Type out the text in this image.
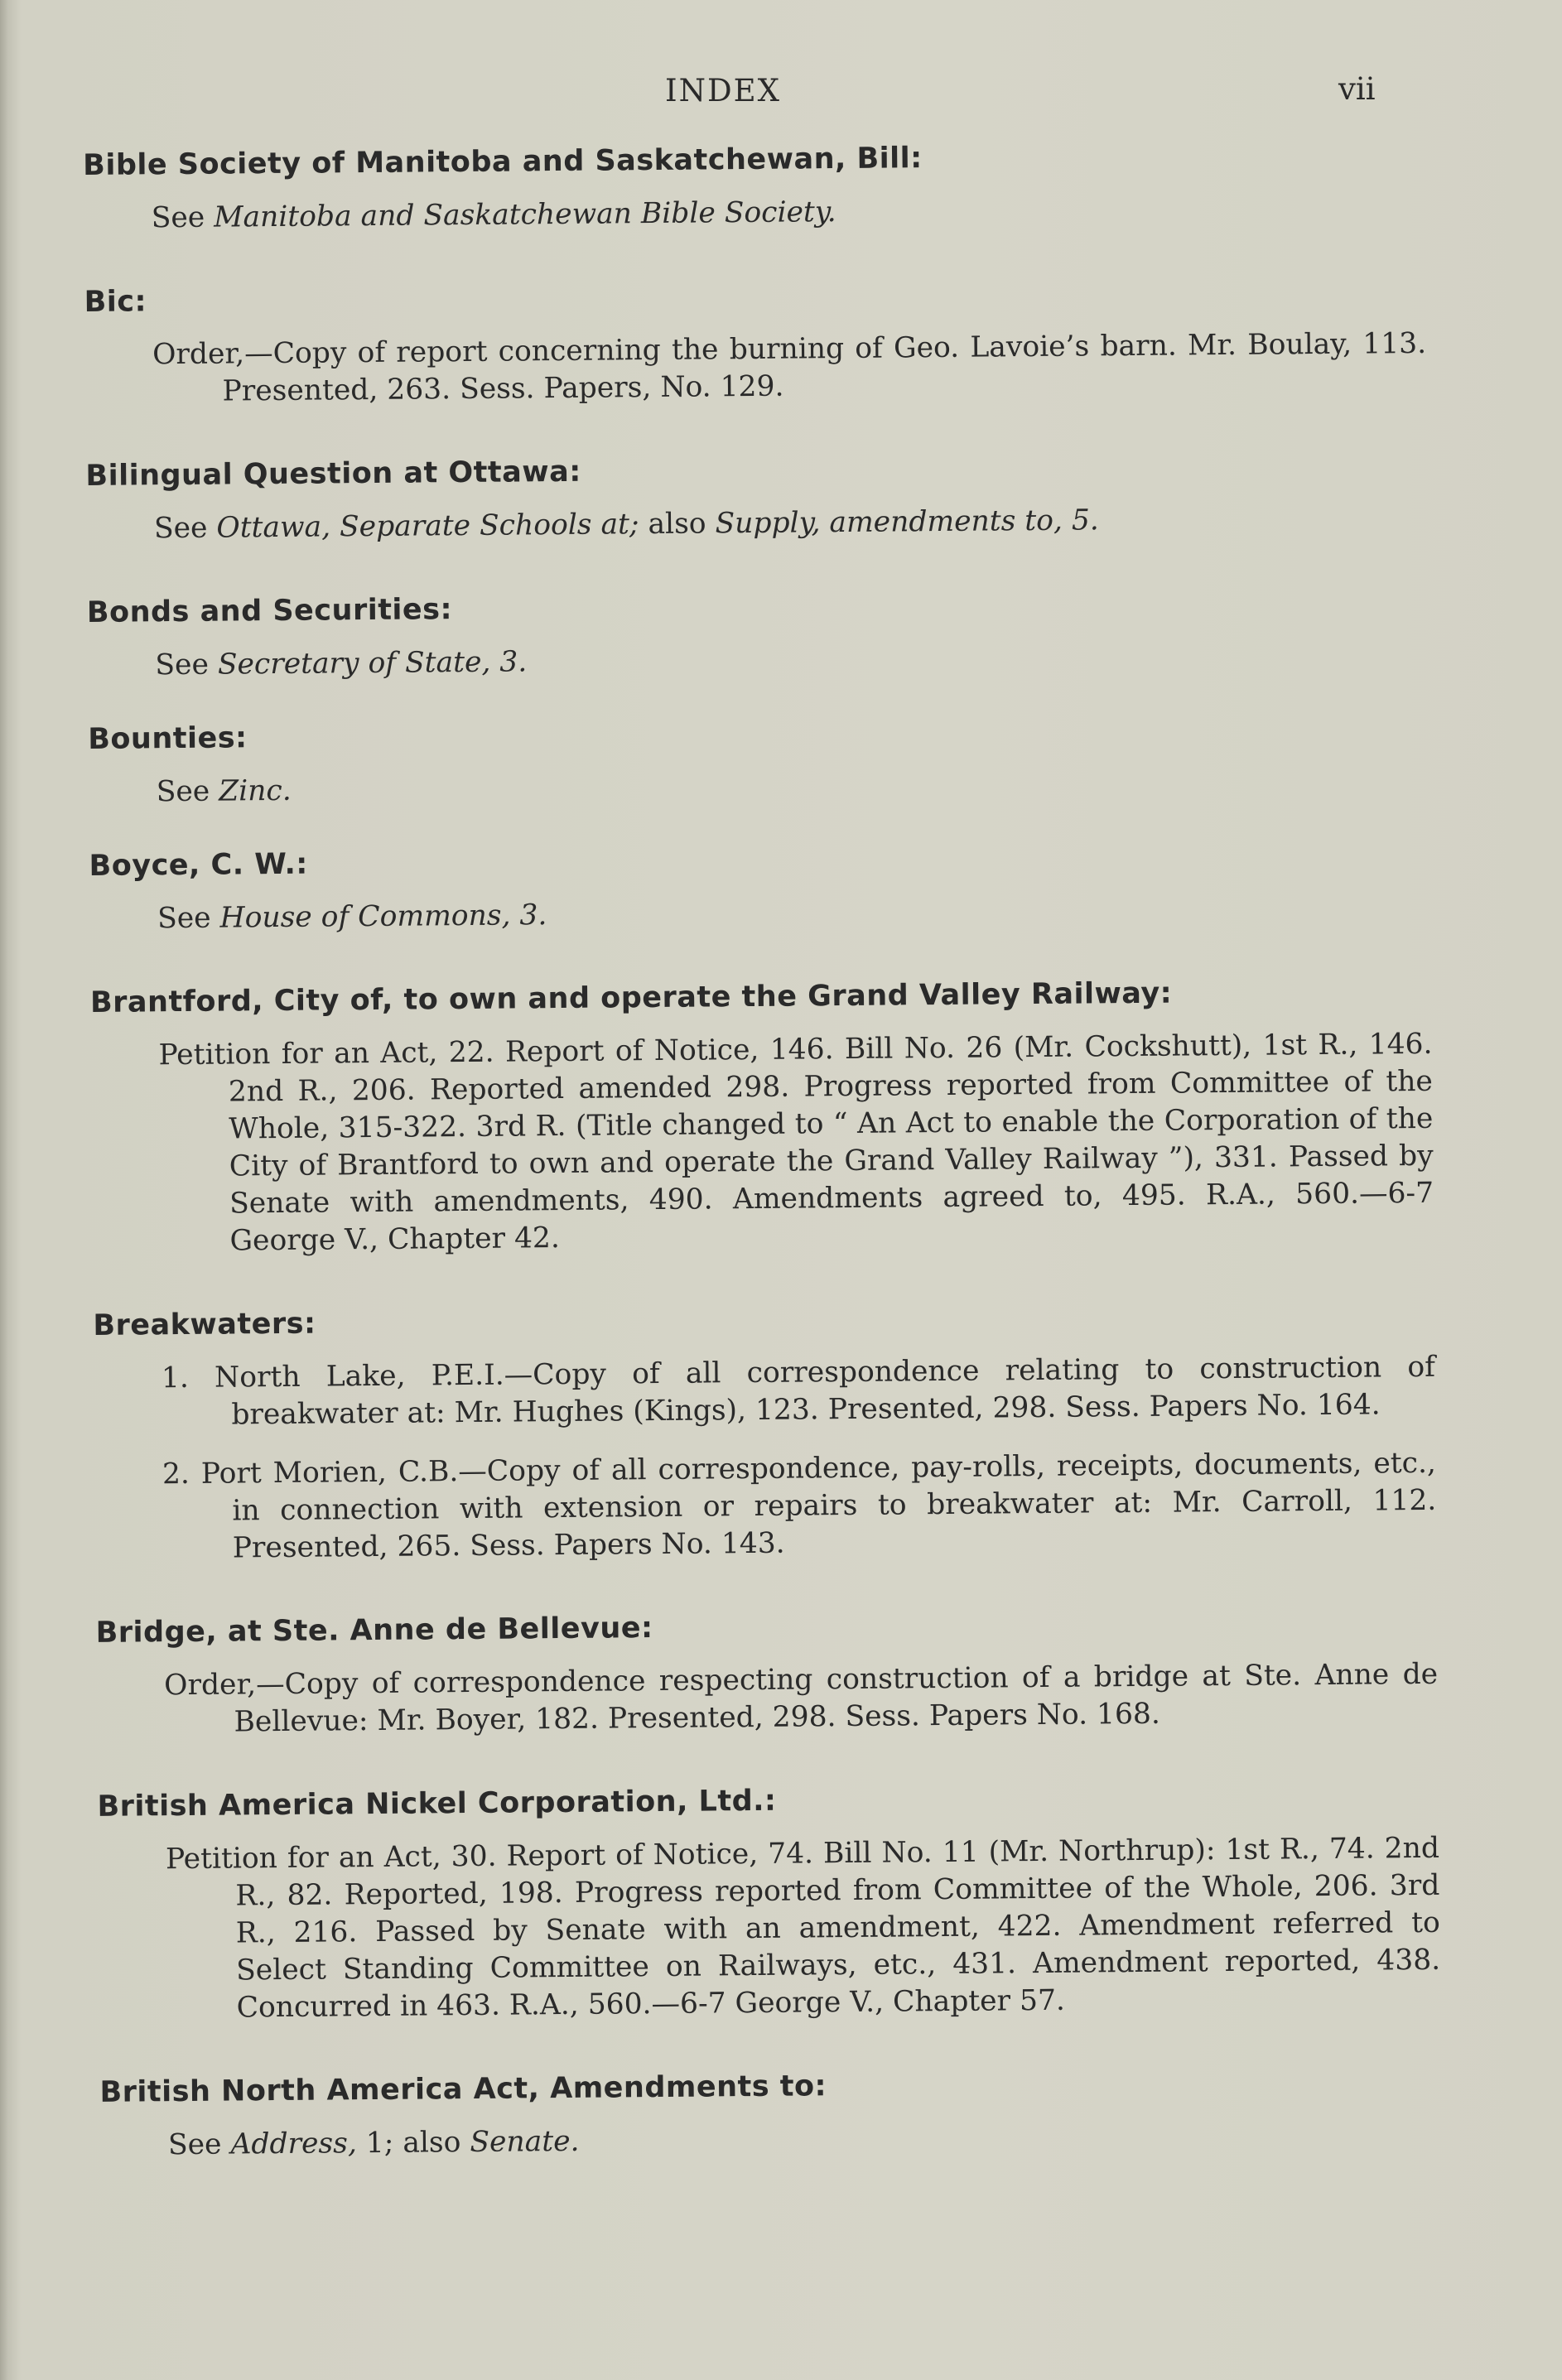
INDEX	vii
Bible Society of Manitoba and Saskatchewan, Bill:
See Manitoba and Saskatchewan Bible Society.
Bic:
Order,—Copy of report concerning the burning of Geo. Lavoie’s barn. Mr. Boulay, 113. Presented, 263. Sess. Papers, No. 129.
Bilingual Question at Ottawa:
See Ottawa, Separate Schools at; also Supply, amendments to, 5.
Bonds and Securities:
See Secretary of State, 3.
Bounties:
See Zinc.
Boyce, C. W.:
See House of Commons, 3.
Brantford, City of, to own and operate the Grand Valley Railway:
Petition for an Act, 22. Report of Notice, 146. Bill No. 26 (Mr. Cockshutt), 1st R., 146. 2nd R., 206. Reported amended 298. Progress reported from Committee of the Whole, 315-322. 3rd R. (Title changed to “ An Act to enable the Corporation of the City of Brantford to own and operate the Grand Valley Railway ”), 331. Passed by Senate with amendments, 490. Amendments agreed to, 495. R.A., 560.—6-7 George V., Chapter 42.
Breakwaters:
1. North Lake, P.E.I.—Copy of all correspondence relating to construction of breakwater at: Mr. Hughes (Kings), 123. Presented, 298. Sess. Papers No. 164.
2. Port Morien, C.B.—Copy of all correspondence, pay-rolls, receipts, documents, etc., in connection with extension or repairs to breakwater at: Mr. Carroll, 112. Presented, 265. Sess. Papers No. 143.
Bridge, at Ste. Anne de Bellevue:
Order,—Copy of correspondence respecting construction of a bridge at Ste. Anne de Bellevue: Mr. Boyer, 182. Presented, 298. Sess. Papers No. 168.
British America Nickel Corporation, Ltd.:
Petition for an Act, 30. Report of Notice, 74. Bill No. 11 (Mr. Northrup): 1st R., 74. 2nd R., 82. Reported, 198. Progress reported from Committee of the Whole, 206. 3rd R., 216. Passed by Senate with an amendment, 422. Amendment referred to Select Standing Committee on Railways, etc., 431. Amendment reported, 438. Concurred in 463. R.A., 560.—6-7 George V., Chapter 57.
British North America Act, Amendments to:
See Address, 1; also Senate.
